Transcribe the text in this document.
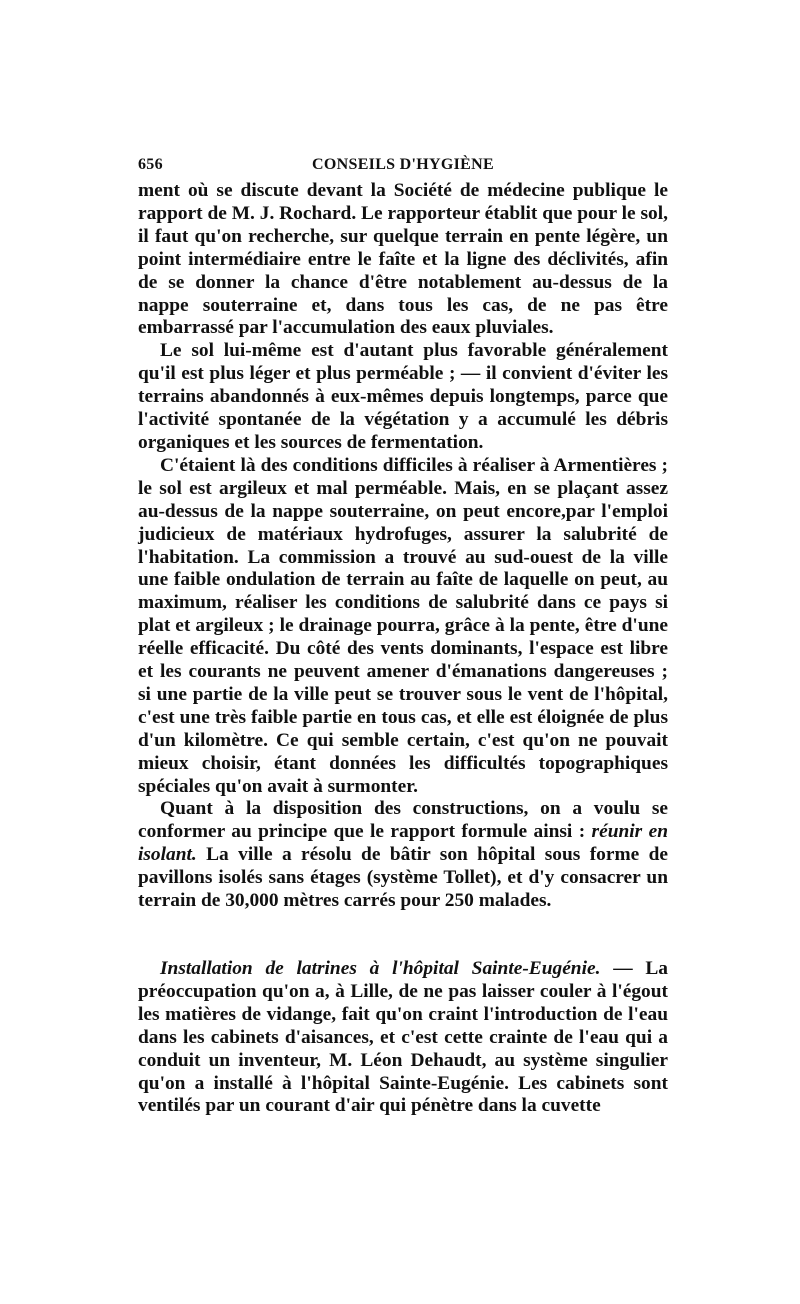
656	CONSEILS D'HYGIÈNE

ment où se discute devant la Société de médecine publique le rapport de M. J. Rochard. Le rapporteur établit que pour le sol, il faut qu'on recherche, sur quelque terrain en pente légère, un point intermédiaire entre le faîte et la ligne des déclivités, afin de se donner la chance d'être notablement au-dessus de la nappe souterraine et, dans tous les cas, de ne pas être embarrassé par l'accumulation des eaux pluviales.

Le sol lui-même est d'autant plus favorable généralement qu'il est plus léger et plus perméable ; — il convient d'éviter les terrains abandonnés à eux-mêmes depuis longtemps, parce que l'activité spontanée de la végétation y a accumulé les débris organiques et les sources de fermentation.

C'étaient là des conditions difficiles à réaliser à Armentières ; le sol est argileux et mal perméable. Mais, en se plaçant assez au-dessus de la nappe souterraine, on peut encore,par l'emploi judicieux de matériaux hydrofuges, assurer la salubrité de l'habitation. La commission a trouvé au sud-ouest de la ville une faible ondulation de terrain au faîte de laquelle on peut, au maximum, réaliser les conditions de salubrité dans ce pays si plat et argileux ; le drainage pourra, grâce à la pente, être d'une réelle efficacité. Du côté des vents dominants, l'espace est libre et les courants ne peuvent amener d'émanations dangereuses ; si une partie de la ville peut se trouver sous le vent de l'hôpital, c'est une très faible partie en tous cas, et elle est éloignée de plus d'un kilomètre. Ce qui semble certain, c'est qu'on ne pouvait mieux choisir, étant données les difficultés topographiques spéciales qu'on avait à surmonter.

Quant à la disposition des constructions, on a voulu se conformer au principe que le rapport formule ainsi : réunir en isolant. La ville a résolu de bâtir son hôpital sous forme de pavillons isolés sans étages (système Tollet), et d'y consacrer un terrain de 30,000 mètres carrés pour 250 malades.

Installation de latrines à l'hôpital Sainte-Eugénie. — La préoccupation qu'on a, à Lille, de ne pas laisser couler à l'égout les matières de vidange, fait qu'on craint l'introduction de l'eau dans les cabinets d'aisances, et c'est cette crainte de l'eau qui a conduit un inventeur, M. Léon Dehaudt, au système singulier qu'on a installé à l'hôpital Sainte-Eugénie. Les cabinets sont ventilés par un courant d'air qui pénètre dans la cuvette
